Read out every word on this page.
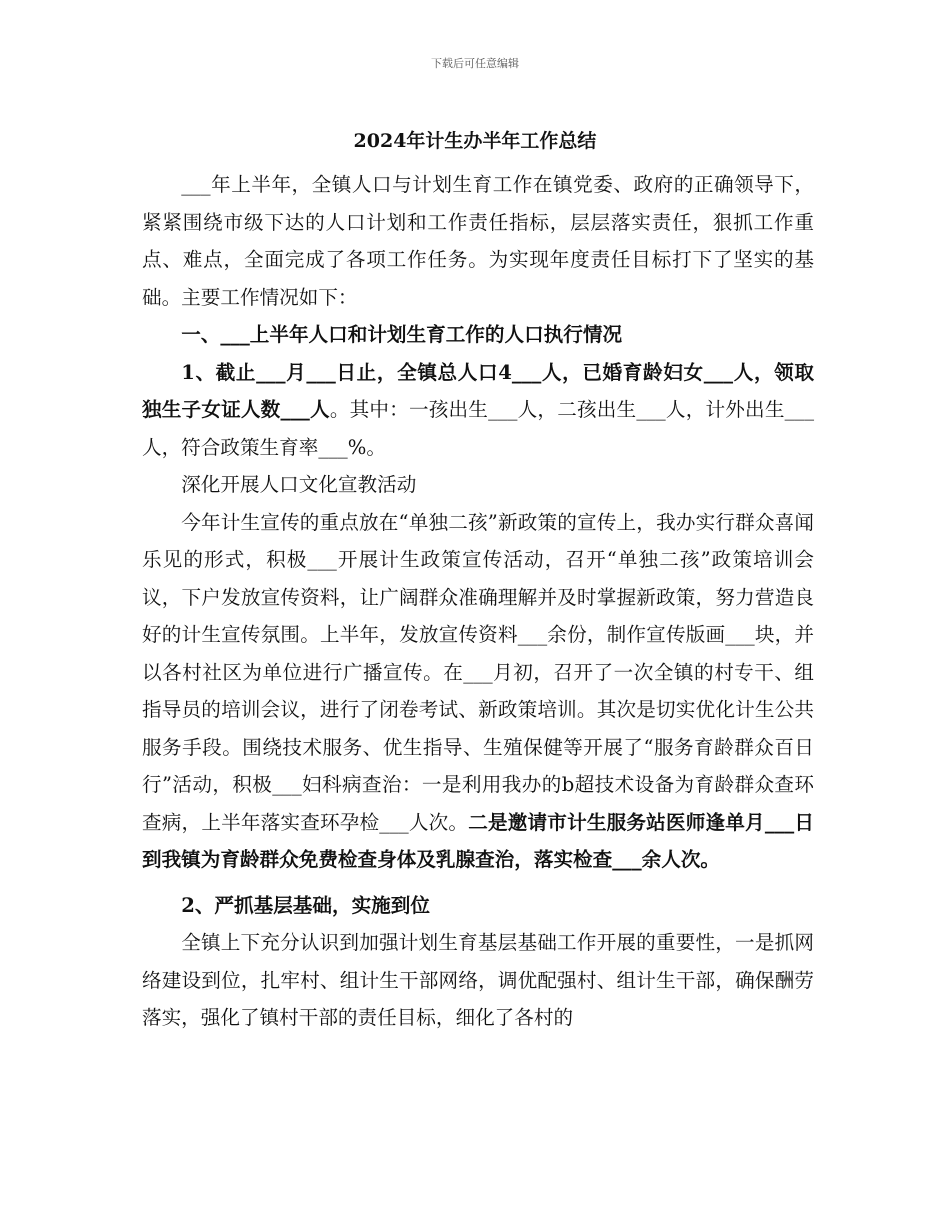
下载后可任意编辑
2024年计生办半年工作总结

___年上半年，全镇人口与计划生育工作在镇党委、政府的正确领导下，紧紧围绕市级下达的人口计划和工作责任指标，层层落实责任，狠抓工作重点、难点，全面完成了各项工作任务。为实现年度责任目标打下了坚实的基础。主要工作情况如下：

一、___上半年人口和计划生育工作的人口执行情况

1、截止___月___日止，全镇总人口4___人，已婚育龄妇女___人，领取独生子女证人数___人。其中：一孩出生___人，二孩出生___人，计外出生___人，符合政策生育率___%。

深化开展人口文化宣教活动

今年计生宣传的重点放在“单独二孩”新政策的宣传上，我办实行群众喜闻乐见的形式，积极___开展计生政策宣传活动，召开“单独二孩”政策培训会议，下户发放宣传资料，让广阔群众准确理解并及时掌握新政策，努力营造良好的计生宣传氛围。上半年，发放宣传资料___余份，制作宣传版画___块，并以各村社区为单位进行广播宣传。在___月初，召开了一次全镇的村专干、组指导员的培训会议，进行了闭卷考试、新政策培训。其次是切实优化计生公共服务手段。围绕技术服务、优生指导、生殖保健等开展了“服务育龄群众百日行”活动，积极___妇科病查治：一是利用我办的b超技术设备为育龄群众查环查病，上半年落实查环孕检___人次。二是邀请市计生服务站医师逢单月___日到我镇为育龄群众免费检查身体及乳腺查治，落实检查___余人次。

2、严抓基层基础，实施到位

全镇上下充分认识到加强计划生育基层基础工作开展的重要性，一是抓网络建设到位，扎牢村、组计生干部网络，调优配强村、组计生干部，确保酬劳落实，强化了镇村干部的责任目标，细化了各村的
